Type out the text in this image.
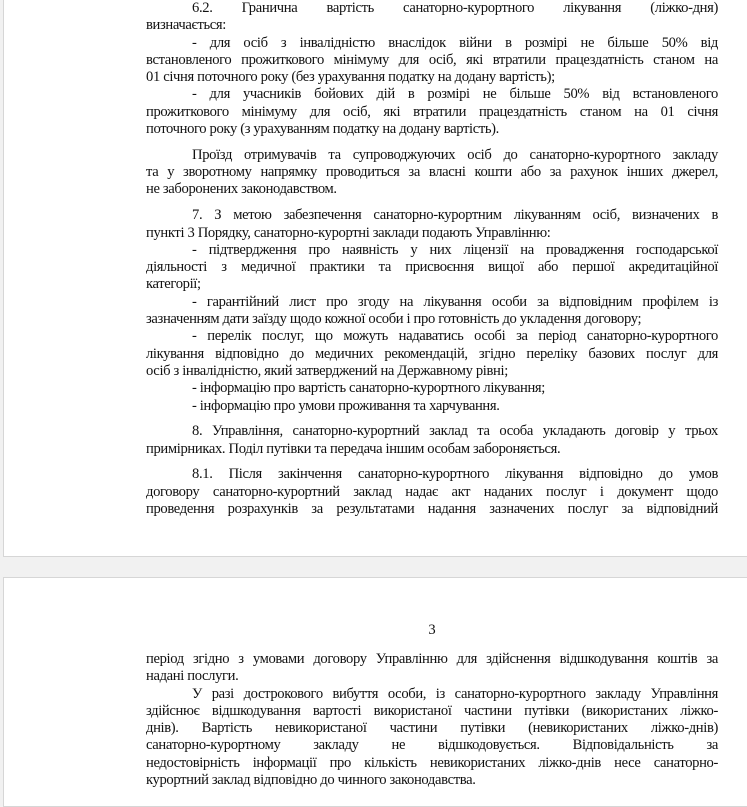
6.2. Гранична вартість санаторно-курортного лікування (ліжко-дня)
визначається:
- для осіб з інвалідністю внаслідок війни в розмірі не більше 50% від
встановленого прожиткового мінімуму для осіб, які втратили працездатність станом на
01 січня поточного року (без урахування податку на додану вартість);
- для учасників бойових дій в розмірі не більше 50% від встановленого
прожиткового мінімуму для осіб, які втратили працездатність станом на 01 січня
поточного року (з урахуванням податку на додану вартість).
Проїзд отримувачів та супроводжуючих осіб до санаторно-курортного закладу
та у зворотному напрямку проводиться за власні кошти або за рахунок інших джерел,
не заборонених законодавством.
7. З метою забезпечення санаторно-курортним лікуванням осіб, визначених в
пункті 3 Порядку, санаторно-курортні заклади подають Управлінню:
- підтвердження про наявність у них ліцензії на провадження господарської
діяльності з медичної практики та присвоєння вищої або першої акредитаційної
категорії;
- гарантійний лист про згоду на лікування особи за відповідним профілем із
зазначенням дати заїзду щодо кожної особи і про готовність до укладення договору;
- перелік послуг, що можуть надаватись особі за період санаторно-курортного
лікування відповідно до медичних рекомендацій, згідно переліку базових послуг для
осіб з інвалідністю, який затверджений на Державному рівні;
- інформацію про вартість санаторно-курортного лікування;
- інформацію про умови проживання та харчування.
8. Управління, санаторно-курортний заклад та особа укладають договір у трьох
примірниках. Поділ путівки та передача іншим особам забороняється.
8.1. Після закінчення санаторно-курортного лікування відповідно до умов
договору санаторно-курортний заклад надає акт наданих послуг і документ щодо
проведення розрахунків за результатами надання зазначених послуг за відповідний
3
період згідно з умовами договору Управлінню для здійснення відшкодування коштів за
надані послуги.
У разі дострокового вибуття особи, із санаторно-курортного закладу Управління
здійснює відшкодування вартості використаної частини путівки (використаних ліжко-
днів). Вартість невикористаної частини путівки (невикористаних ліжко-днів)
санаторно-курортному закладу не відшкодовується. Відповідальність за
недостовірність інформації про кількість невикористаних ліжко-днів несе санаторно-
курортний заклад відповідно до чинного законодавства.
